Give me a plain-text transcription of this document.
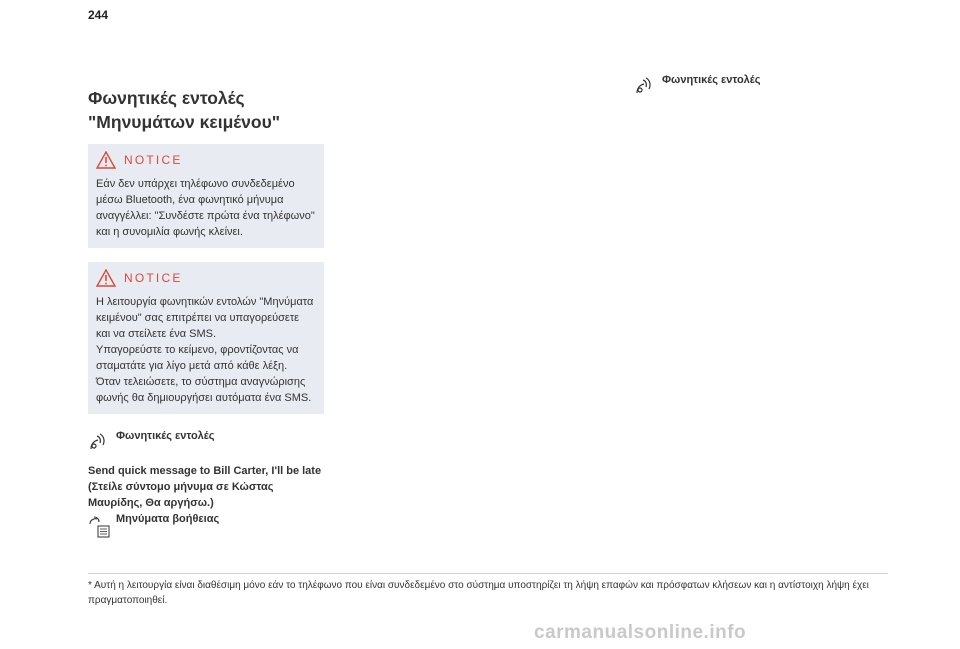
244
Φωνητικές εντολές
"Μηνυμάτων κειμένου"
NOTICE
Εάν δεν υπάρχει τηλέφωνο συνδεδεμένο μέσω Bluetooth, ένα φωνητικό μήνυμα αναγγέλλει: "Συνδέστε πρώτα ένα τηλέφωνο" και η συνομιλία φωνής κλείνει.
NOTICE

Η λειτουργία φωνητικών εντολών "Μηνύματα κειμένου" σας επιτρέπει να υπαγορεύσετε και να στείλετε ένα SMS.

Υπαγορεύστε το κείμενο, φροντίζοντας να σταματάτε για λίγο μετά από κάθε λέξη.

Όταν τελειώσετε, το σύστημα αναγνώρισης φωνής θα δημιουργήσει αυτόματα ένα SMS.

Φωνητικές εντολές

Send quick message to Bill Carter, I'll be late (Στείλε σύντομο μήνυμα σε Κώστας Μαυρίδης, Θα αργήσω.)

Μηνύματα βοήθειας

Φωνητικές εντολές

* Αυτή η λειτουργία είναι διαθέσιμη μόνο εάν το τηλέφωνο που είναι συνδεδεμένο στο σύστημα υποστηρίζει τη λήψη επαφών και πρόσφατων κλήσεων και η αντίστοιχη λήψη έχει πραγματοποιηθεί.
carmanualsonline.info
